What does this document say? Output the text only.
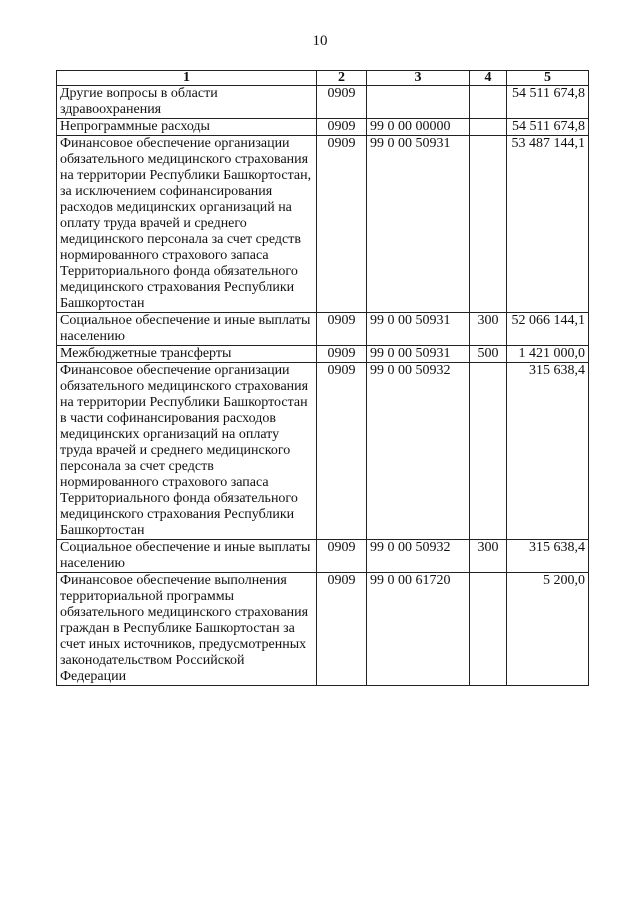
10
1	2	3	4	5
Другие вопросы в области здравоохранения	0909			54 511 674,8
Непрограммные расходы	0909	99 0 00 00000		54 511 674,8
Финансовое обеспечение организации обязательного медицинского страхования на территории Республики Башкортостан, за исключением софинансирования расходов медицинских организаций на оплату труда врачей и среднего медицинского персонала за счет средств нормированного страхового запаса Территориального фонда обязательного медицинского страхования Республики Башкортостан	0909	99 0 00 50931		53 487 144,1
Социальное обеспечение и иные выплаты населению	0909	99 0 00 50931	300	52 066 144,1
Межбюджетные трансферты	0909	99 0 00 50931	500	1 421 000,0
Финансовое обеспечение организации обязательного медицинского страхования на территории Республики Башкортостан в части софинансирования расходов медицинских организаций на оплату труда врачей и среднего медицинского персонала за счет средств нормированного страхового запаса Территориального фонда обязательного медицинского страхования Республики Башкортостан	0909	99 0 00 50932		315 638,4
Социальное обеспечение и иные выплаты населению	0909	99 0 00 50932	300	315 638,4
Финансовое обеспечение выполнения территориальной программы обязательного медицинского страхования граждан в Республике Башкортостан за счет иных источников, предусмотренных законодательством Российской Федерации	0909	99 0 00 61720		5 200,0
